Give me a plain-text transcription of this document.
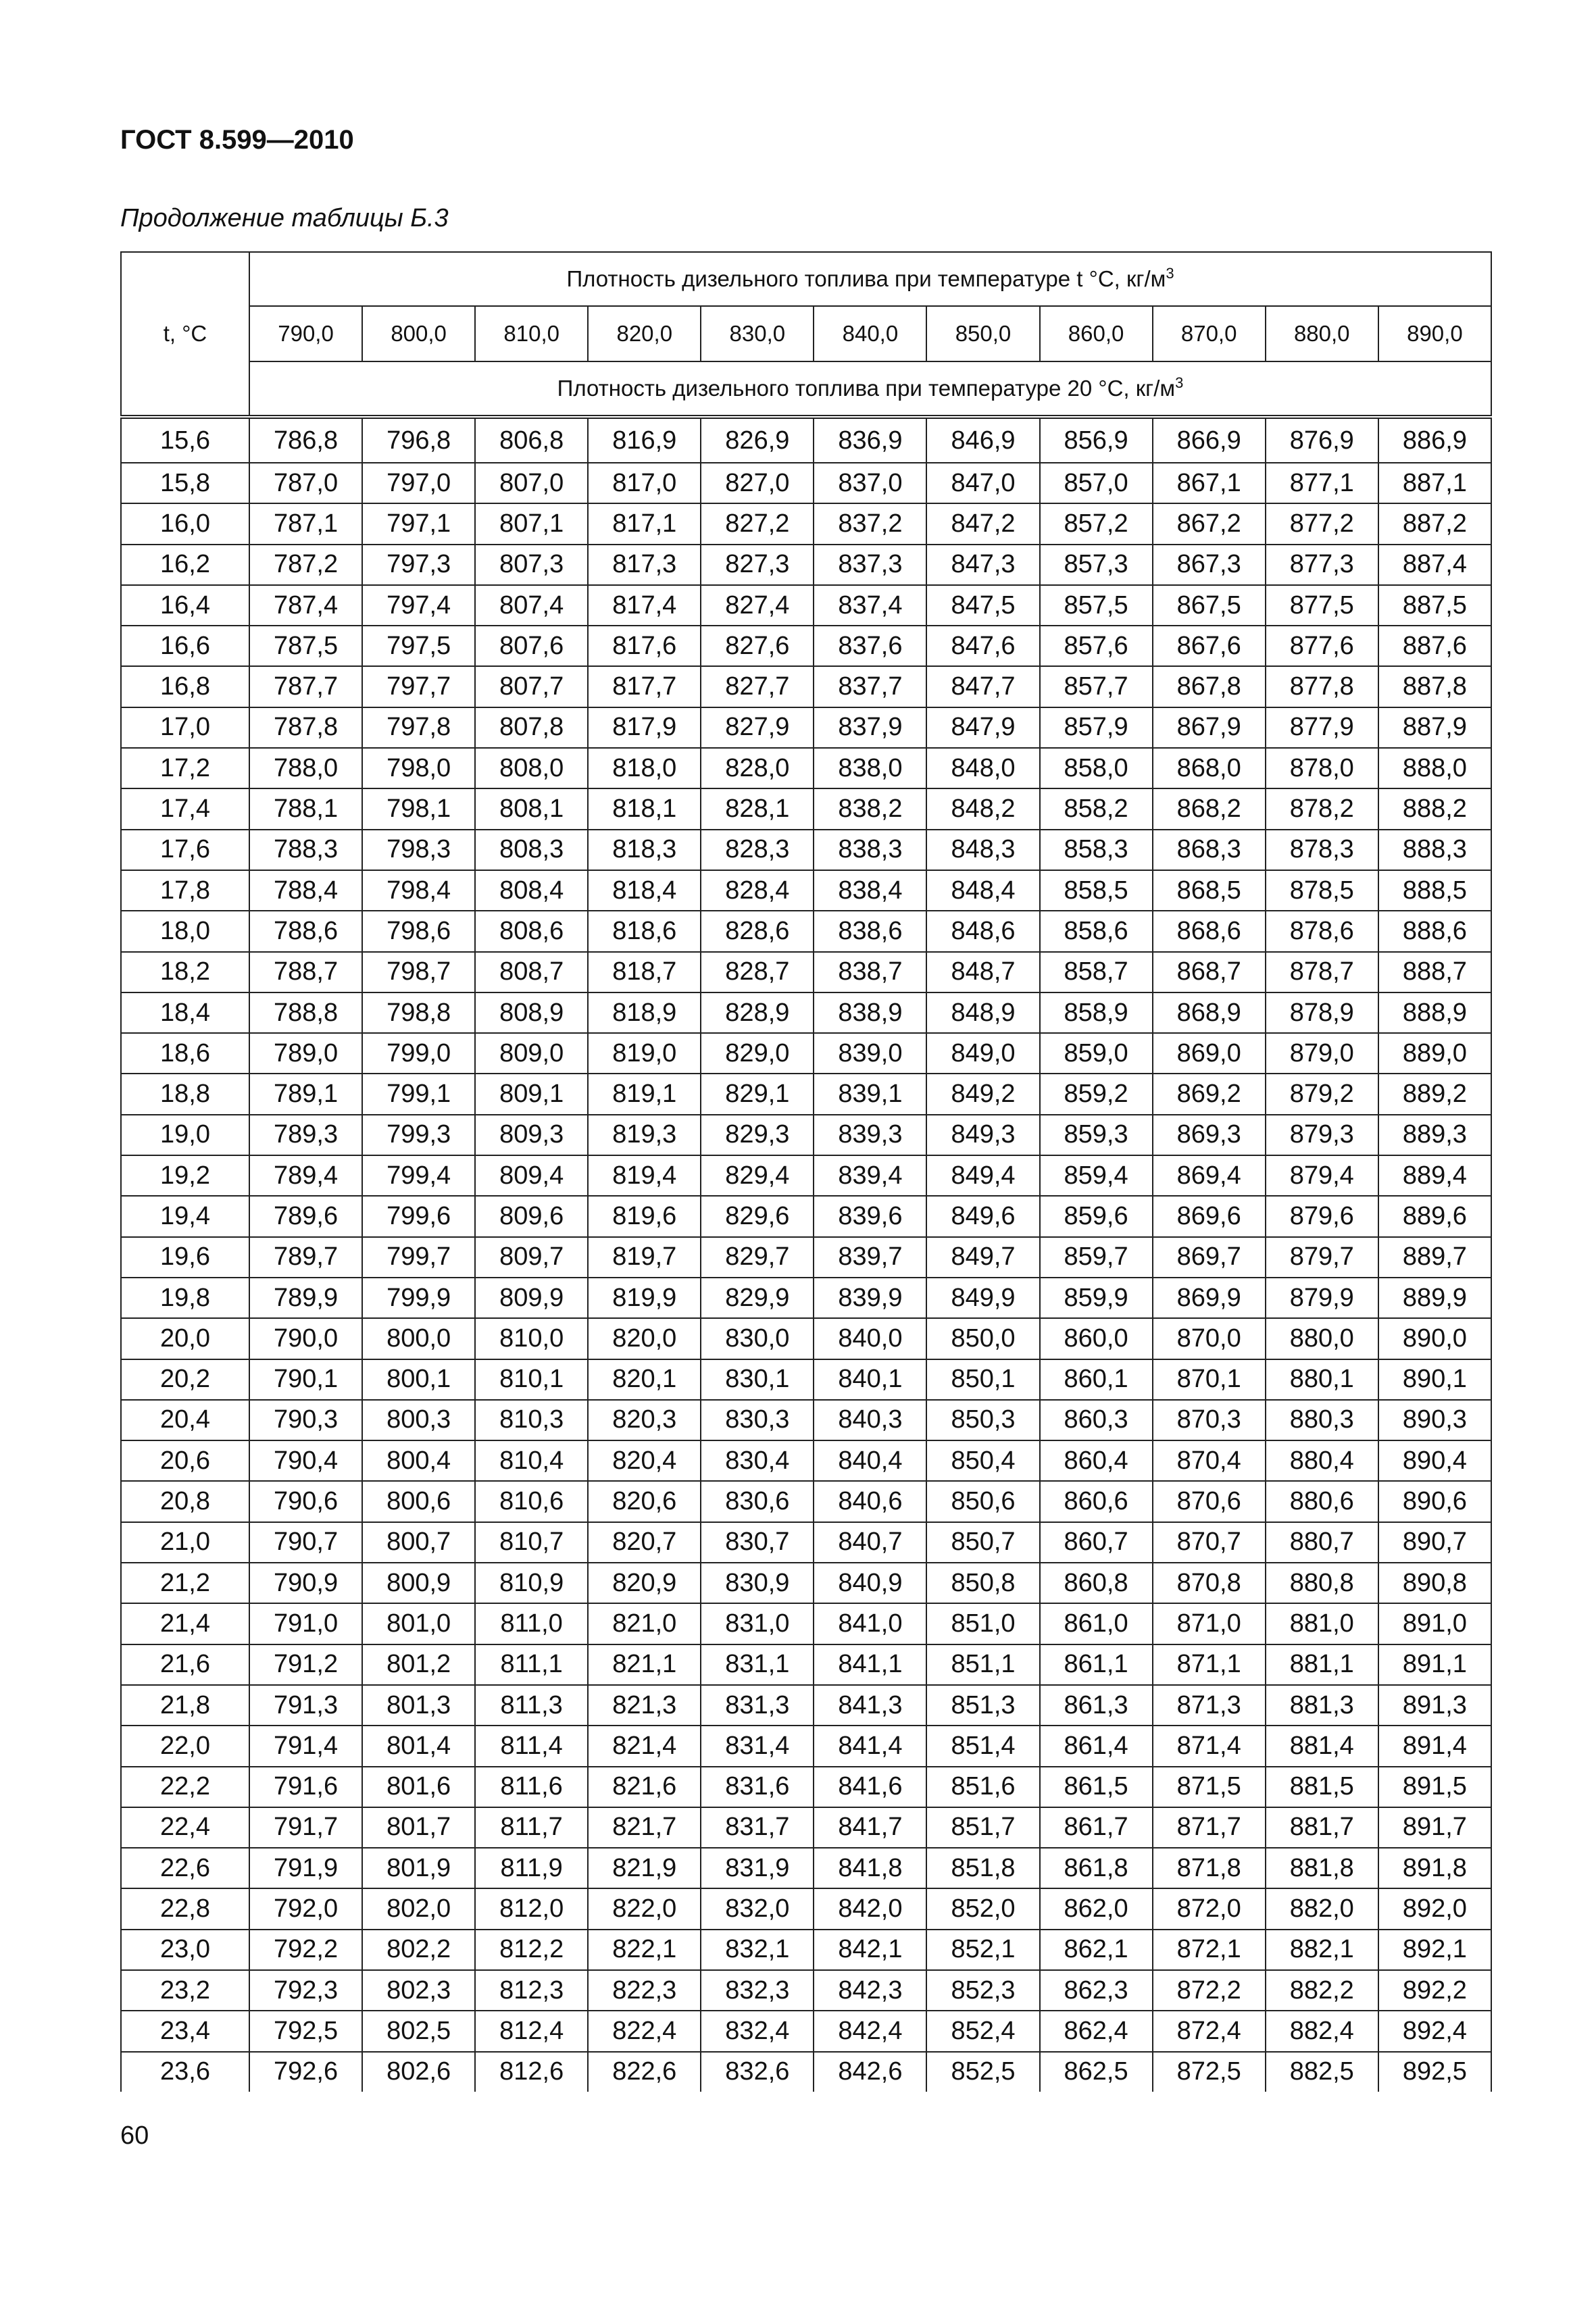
ГОСТ 8.599—2010
Продолжение таблицы Б.3
t, °C	Плотность дизельного топлива при температуре t °C, $кг/м^3$
	790,0	800,0	810,0	820,0	830,0	840,0	850,0	860,0	870,0	880,0	890,0
	Плотность дизельного топлива при температуре 20 °C, $кг/м^3$
15,6	786,8	796,8	806,8	816,9	826,9	836,9	846,9	856,9	866,9	876,9	886,9
15,8	787,0	797,0	807,0	817,0	827,0	837,0	847,0	857,0	867,1	877,1	887,1
16,0	787,1	797,1	807,1	817,1	827,2	837,2	847,2	857,2	867,2	877,2	887,2
16,2	787,2	797,3	807,3	817,3	827,3	837,3	847,3	857,3	867,3	877,3	887,4
16,4	787,4	797,4	807,4	817,4	827,4	837,4	847,5	857,5	867,5	877,5	887,5
16,6	787,5	797,5	807,6	817,6	827,6	837,6	847,6	857,6	867,6	877,6	887,6
16,8	787,7	797,7	807,7	817,7	827,7	837,7	847,7	857,7	867,8	877,8	887,8
17,0	787,8	797,8	807,8	817,9	827,9	837,9	847,9	857,9	867,9	877,9	887,9
17,2	788,0	798,0	808,0	818,0	828,0	838,0	848,0	858,0	868,0	878,0	888,0
17,4	788,1	798,1	808,1	818,1	828,1	838,2	848,2	858,2	868,2	878,2	888,2
17,6	788,3	798,3	808,3	818,3	828,3	838,3	848,3	858,3	868,3	878,3	888,3
17,8	788,4	798,4	808,4	818,4	828,4	838,4	848,4	858,5	868,5	878,5	888,5
18,0	788,6	798,6	808,6	818,6	828,6	838,6	848,6	858,6	868,6	878,6	888,6
18,2	788,7	798,7	808,7	818,7	828,7	838,7	848,7	858,7	868,7	878,7	888,7
18,4	788,8	798,8	808,9	818,9	828,9	838,9	848,9	858,9	868,9	878,9	888,9
18,6	789,0	799,0	809,0	819,0	829,0	839,0	849,0	859,0	869,0	879,0	889,0
18,8	789,1	799,1	809,1	819,1	829,1	839,1	849,2	859,2	869,2	879,2	889,2
19,0	789,3	799,3	809,3	819,3	829,3	839,3	849,3	859,3	869,3	879,3	889,3
19,2	789,4	799,4	809,4	819,4	829,4	839,4	849,4	859,4	869,4	879,4	889,4
19,4	789,6	799,6	809,6	819,6	829,6	839,6	849,6	859,6	869,6	879,6	889,6
19,6	789,7	799,7	809,7	819,7	829,7	839,7	849,7	859,7	869,7	879,7	889,7
19,8	789,9	799,9	809,9	819,9	829,9	839,9	849,9	859,9	869,9	879,9	889,9
20,0	790,0	800,0	810,0	820,0	830,0	840,0	850,0	860,0	870,0	880,0	890,0
20,2	790,1	800,1	810,1	820,1	830,1	840,1	850,1	860,1	870,1	880,1	890,1
20,4	790,3	800,3	810,3	820,3	830,3	840,3	850,3	860,3	870,3	880,3	890,3
20,6	790,4	800,4	810,4	820,4	830,4	840,4	850,4	860,4	870,4	880,4	890,4
20,8	790,6	800,6	810,6	820,6	830,6	840,6	850,6	860,6	870,6	880,6	890,6
21,0	790,7	800,7	810,7	820,7	830,7	840,7	850,7	860,7	870,7	880,7	890,7
21,2	790,9	800,9	810,9	820,9	830,9	840,9	850,8	860,8	870,8	880,8	890,8
21,4	791,0	801,0	811,0	821,0	831,0	841,0	851,0	861,0	871,0	881,0	891,0
21,6	791,2	801,2	811,1	821,1	831,1	841,1	851,1	861,1	871,1	881,1	891,1
21,8	791,3	801,3	811,3	821,3	831,3	841,3	851,3	861,3	871,3	881,3	891,3
22,0	791,4	801,4	811,4	821,4	831,4	841,4	851,4	861,4	871,4	881,4	891,4
22,2	791,6	801,6	811,6	821,6	831,6	841,6	851,6	861,5	871,5	881,5	891,5
22,4	791,7	801,7	811,7	821,7	831,7	841,7	851,7	861,7	871,7	881,7	891,7
22,6	791,9	801,9	811,9	821,9	831,9	841,8	851,8	861,8	871,8	881,8	891,8
22,8	792,0	802,0	812,0	822,0	832,0	842,0	852,0	862,0	872,0	882,0	892,0
23,0	792,2	802,2	812,2	822,1	832,1	842,1	852,1	862,1	872,1	882,1	892,1
23,2	792,3	802,3	812,3	822,3	832,3	842,3	852,3	862,3	872,2	882,2	892,2
23,4	792,5	802,5	812,4	822,4	832,4	842,4	852,4	862,4	872,4	882,4	892,4
23,6	792,6	802,6	812,6	822,6	832,6	842,6	852,5	862,5	872,5	882,5	892,5
60
